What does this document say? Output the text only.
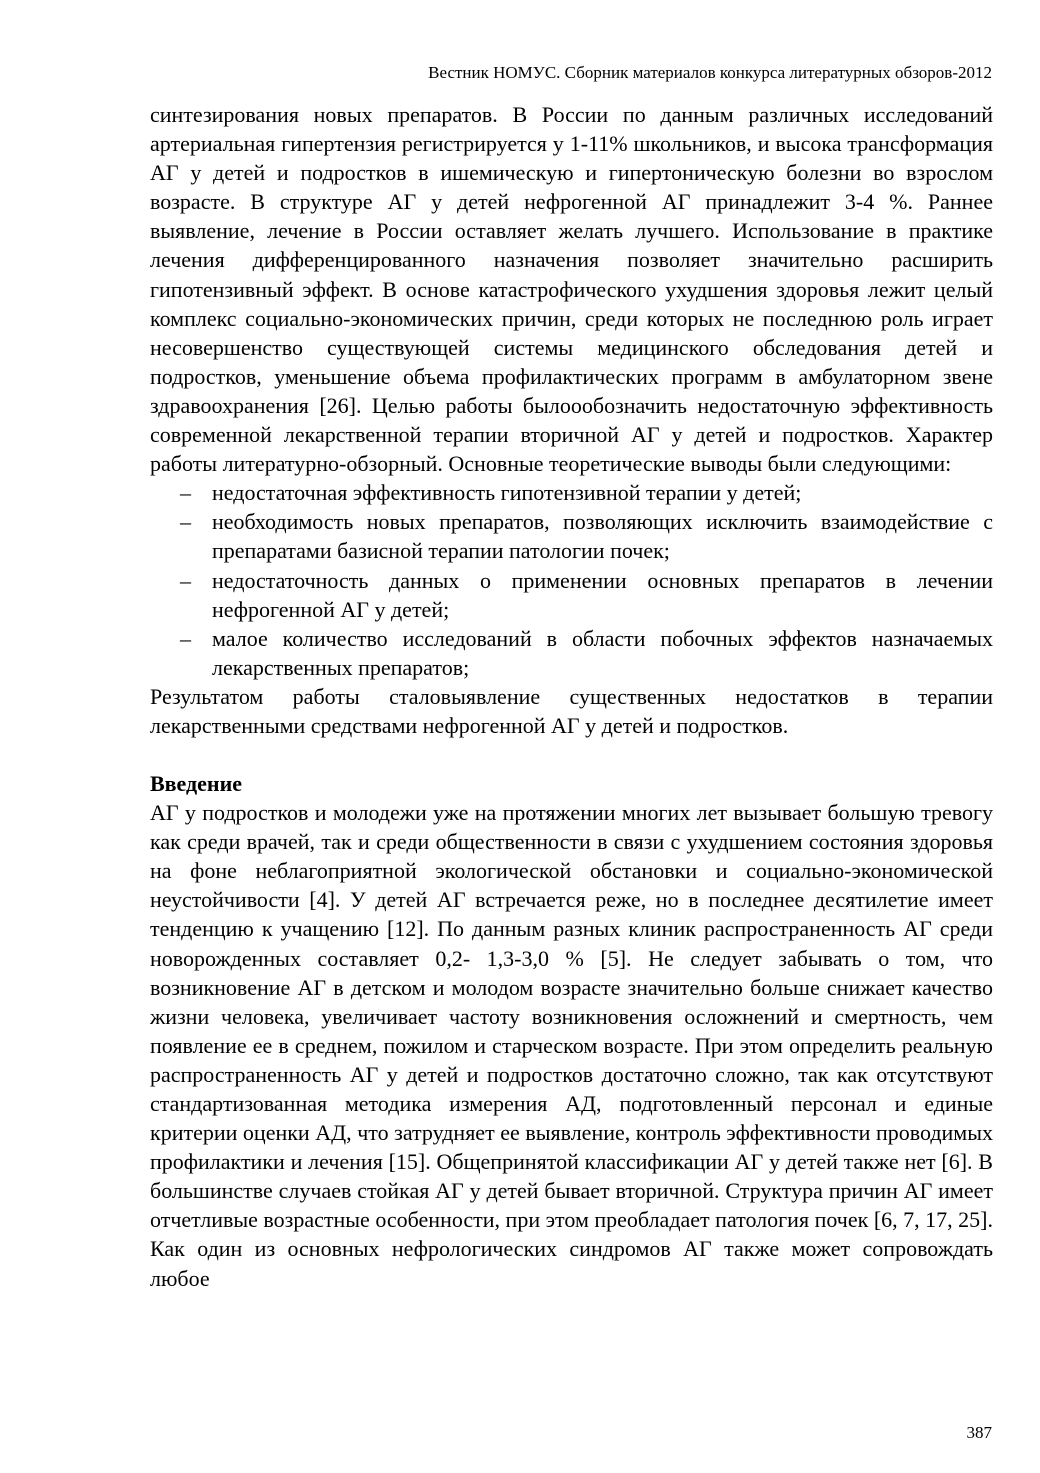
Вестник НОМУС. Сборник материалов конкурса литературных обзоров-2012

синтезирования новых препаратов. В России по данным различных исследований артериальная гипертензия регистрируется у 1-11% школьников, и высока трансформация АГ у детей и подростков в ишемическую и гипертоническую болезни во взрослом возрасте. В структуре АГ у детей нефрогенной АГ принадлежит 3-4 %. Раннее выявление, лечение в России оставляет желать лучшего. Использование в практике лечения дифференцированного назначения позволяет значительно расширить гипотензивный эффект. В основе катастрофического ухудшения здоровья лежит целый комплекс социально-экономических причин, среди которых не последнюю роль играет несовершенство существующей системы медицинского обследования детей и подростков, уменьшение объема профилактических программ в амбулаторном звене здравоохранения [26]. Целью работы былоообозначить недостаточную эффективность современной лекарственной терапии вторичной АГ у детей и подростков. Характер работы литературно-обзорный. Основные теоретические выводы были следующими:

– недостаточная эффективность гипотензивной терапии у детей;
– необходимость новых препаратов, позволяющих исключить взаимодействие с препаратами базисной терапии патологии почек;
– недостаточность данных о применении основных препаратов в лечении нефрогенной АГ у детей;
– малое количество исследований в области побочных эффектов назначаемых лекарственных препаратов;

Результатом работы сталовыявление существенных недостатков в терапии лекарственными средствами нефрогенной АГ у детей и подростков.

Введение

АГ у подростков и молодежи уже на протяжении многих лет вызывает большую тревогу как среди врачей, так и среди общественности в связи с ухудшением состояния здоровья на фоне неблагоприятной экологической обстановки и социально-экономической неустойчивости [4]. У детей АГ встречается реже, но в последнее десятилетие имеет тенденцию к учащению [12]. По данным разных клиник распространенность АГ среди новорожденных составляет 0,2- 1,3-3,0 % [5]. Не следует забывать о том, что возникновение АГ в детском и молодом возрасте значительно больше снижает качество жизни человека, увеличивает частоту возникновения осложнений и смертность, чем появление ее в среднем, пожилом и старческом возрасте. При этом определить реальную распространенность АГ у детей и подростков достаточно сложно, так как отсутствуют стандартизованная методика измерения АД, подготовленный персонал и единые критерии оценки АД, что затрудняет ее выявление, контроль эффективности проводимых профилактики и лечения [15]. Общепринятой классификации АГ у детей также нет [6]. В большинстве случаев стойкая АГ у детей бывает вторичной. Структура причин АГ имеет отчетливые возрастные особенности, при этом преобладает патология почек [6, 7, 17, 25]. Как один из основных нефрологических синдромов АГ также может сопровождать любое

387
